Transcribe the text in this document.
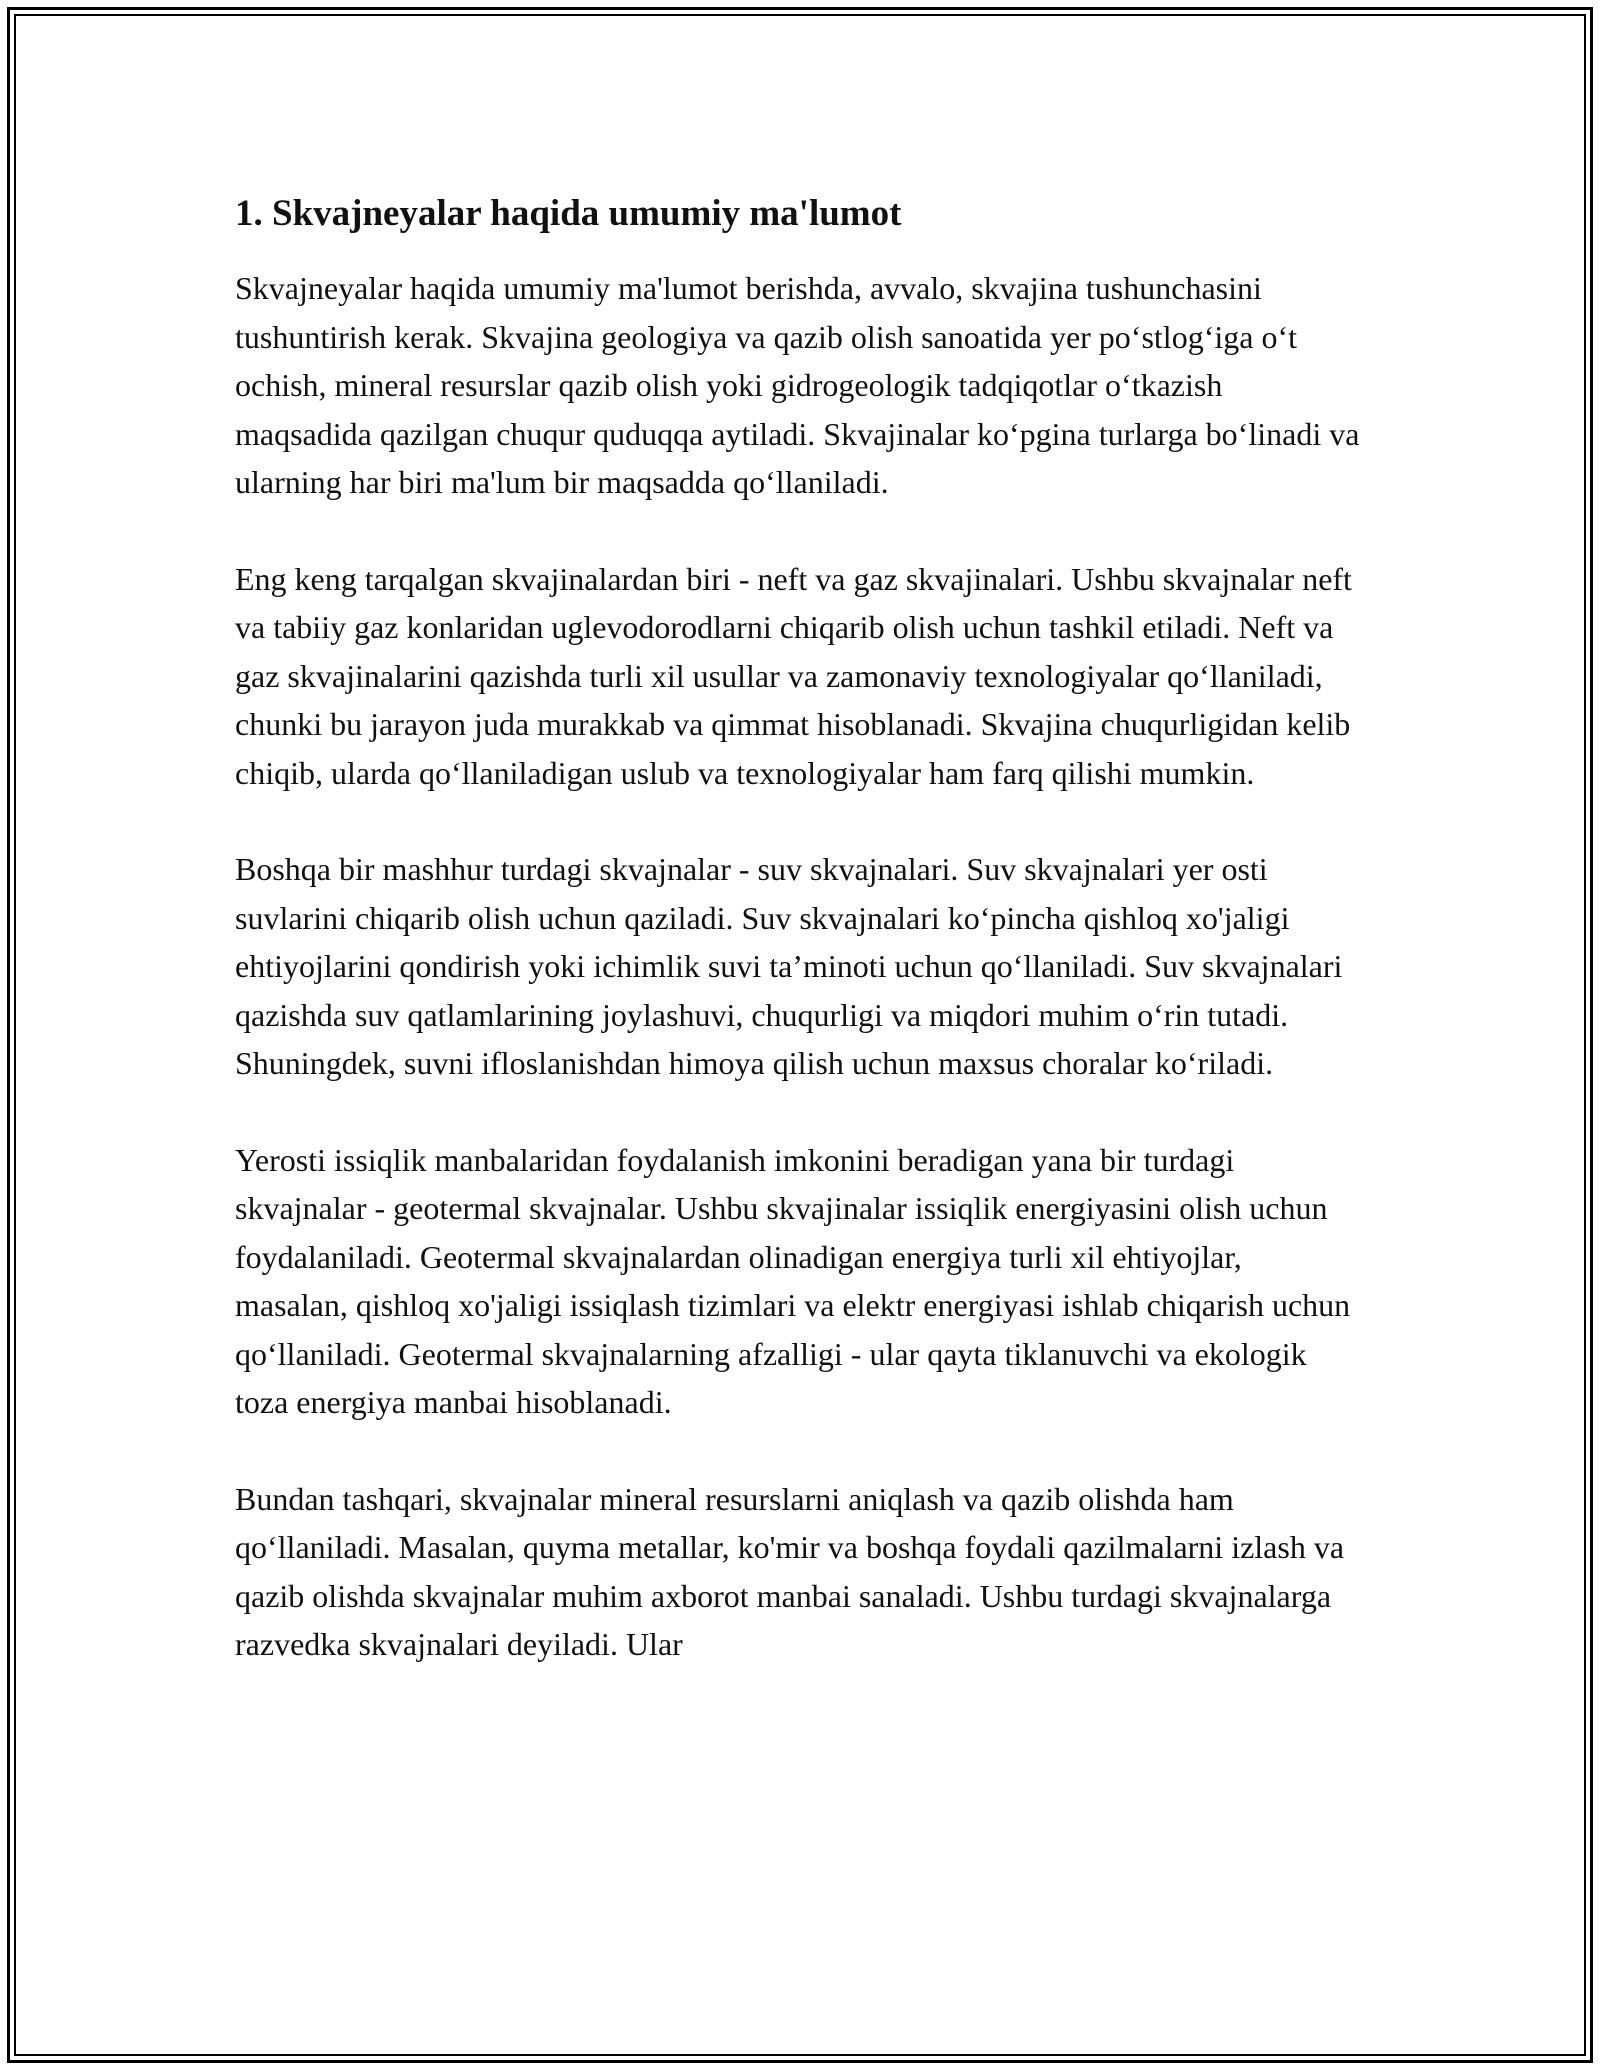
1. Skvajneyalar haqida umumiy ma'lumot

Skvajneyalar haqida umumiy ma'lumot berishda, avvalo, skvajina tushunchasini tushuntirish kerak. Skvajina geologiya va qazib olish sanoatida yer po‘stlog‘iga o‘t ochish, mineral resurslar qazib olish yoki gidrogeologik tadqiqotlar o‘tkazish maqsadida qazilgan chuqur quduqqa aytiladi. Skvajinalar ko‘pgina turlarga bo‘linadi va ularning har biri ma'lum bir maqsadda qo‘llaniladi.

Eng keng tarqalgan skvajinalardan biri - neft va gaz skvajinalari. Ushbu skvajnalar neft va tabiiy gaz konlaridan uglevodorodlarni chiqarib olish uchun tashkil etiladi. Neft va gaz skvajinalarini qazishda turli xil usullar va zamonaviy texnologiyalar qo‘llaniladi, chunki bu jarayon juda murakkab va qimmat hisoblanadi. Skvajina chuqurligidan kelib chiqib, ularda qo‘llaniladigan uslub va texnologiyalar ham farq qilishi mumkin.

Boshqa bir mashhur turdagi skvajnalar - suv skvajnalari. Suv skvajnalari yer osti suvlarini chiqarib olish uchun qaziladi. Suv skvajnalari ko‘pincha qishloq xo'jaligi ehtiyojlarini qondirish yoki ichimlik suvi ta’minoti uchun qo‘llaniladi. Suv skvajnalari qazishda suv qatlamlarining joylashuvi, chuqurligi va miqdori muhim o‘rin tutadi. Shuningdek, suvni ifloslanishdan himoya qilish uchun maxsus choralar ko‘riladi.

Yerosti issiqlik manbalaridan foydalanish imkonini beradigan yana bir turdagi skvajnalar - geotermal skvajnalar. Ushbu skvajinalar issiqlik energiyasini olish uchun foydalaniladi. Geotermal skvajnalardan olinadigan energiya turli xil ehtiyojlar, masalan, qishloq xo'jaligi issiqlash tizimlari va elektr energiyasi ishlab chiqarish uchun qo‘llaniladi. Geotermal skvajnalarning afzalligi - ular qayta tiklanuvchi va ekologik toza energiya manbai hisoblanadi.

Bundan tashqari, skvajnalar mineral resurslarni aniqlash va qazib olishda ham qo‘llaniladi. Masalan, quyma metallar, ko'mir va boshqa foydali qazilmalarni izlash va qazib olishda skvajnalar muhim axborot manbai sanaladi. Ushbu turdagi skvajnalarga razvedka skvajnalari deyiladi. Ular
